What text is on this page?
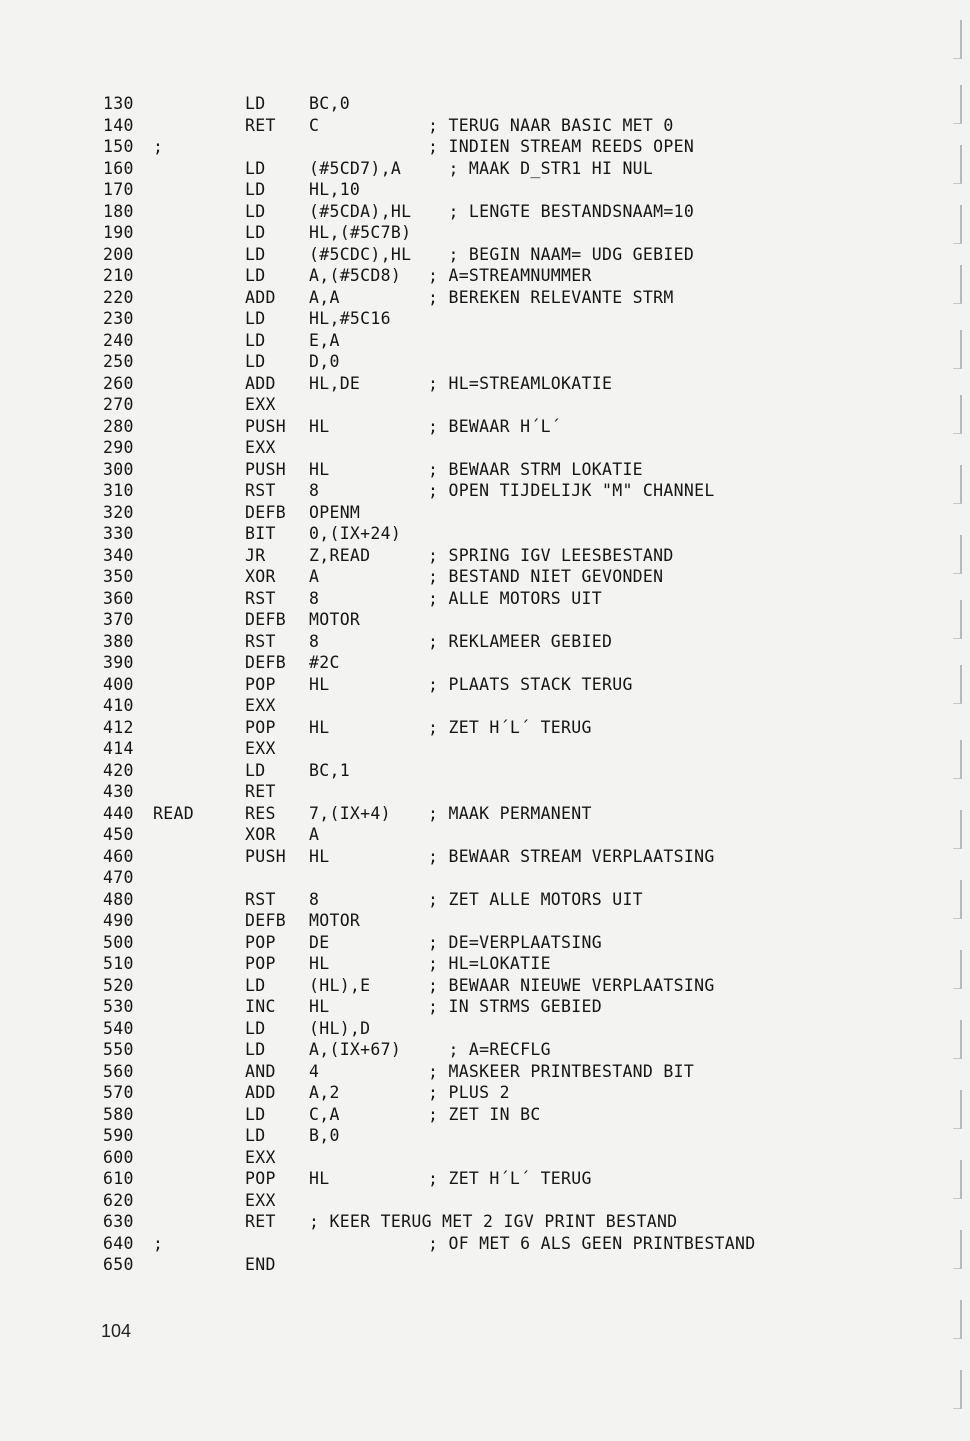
130	LD	BC,0
140	RET C	; TERUG NAAR BASIC MET 0
150 ;	; INDIEN STREAM REEDS OPEN
160	LD	(#5CD7),A ; MAAK D_STR1 HI NUL
170	LD	HL,10
180	LD	(#5CDA),HL ; LENGTE BESTANDSNAAM=10
190	LD	HL,(#5C7B)
200	LD	(#5CDC),HL ; BEGIN NAAM= UDG GEBIED
210	LD	A,(#5CD8) ; A=STREAMNUMMER
220	ADD A,A	; BEREKEN RELEVANTE STRM
230	LD	HL,#5C16
240	LD	E,A
250	LD	D,0
260	ADD HL,DE	; HL=STREAMLOKATIE
270	EXX
280	PUSH HL	; BEWAAR H´L´
290	EXX
300	PUSH HL	; BEWAAR STRM LOKATIE
310	RST 8	; OPEN TIJDELIJK "M" CHANNEL
320	DEFB OPENM
330	BIT 0,(IX+24)
340	JR	Z,READ	; SPRING IGV LEESBESTAND
350	XOR A	; BESTAND NIET GEVONDEN
360	RST 8	; ALLE MOTORS UIT
370	DEFB MOTOR
380	RST 8	; REKLAMEER GEBIED
390	DEFB #2C
400	POP HL	; PLAATS STACK TERUG
410	EXX
412	POP HL	; ZET H´L´ TERUG
414	EXX
420	LD	BC,1
430	RET
440 READ	RES 7,(IX+4) ; MAAK PERMANENT
450	XOR A
460	PUSH HL	; BEWAAR STREAM VERPLAATSING
470
480	RST 8	; ZET ALLE MOTORS UIT
490	DEFB MOTOR
500	POP DE	; DE=VERPLAATSING
510	POP HL	; HL=LOKATIE
520	LD	(HL),E	; BEWAAR NIEUWE VERPLAATSING
530	INC HL	; IN STRMS GEBIED
540	LD	(HL),D
550	LD	A,(IX+67) ; A=RECFLG
560	AND 4	; MASKEER PRINTBESTAND BIT
570	ADD A,2	; PLUS 2
580	LD	C,A	; ZET IN BC
590	LD	B,0
600	EXX
610	POP HL	; ZET H´L´ TERUG
620	EXX
630	RET ; KEER TERUG MET 2 IGV PRINT BESTAND
640 ;	; OF MET 6 ALS GEEN PRINTBESTAND
650	END
104
